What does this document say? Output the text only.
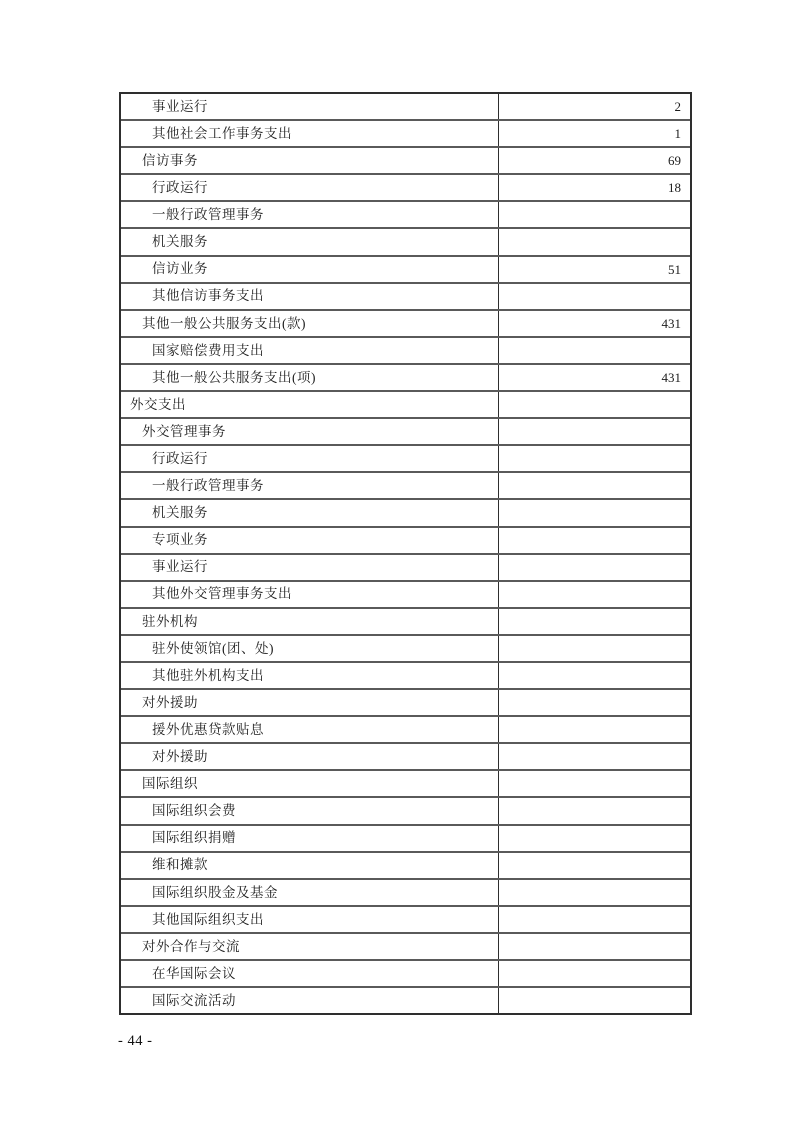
事业运行	2
其他社会工作事务支出	1
信访事务	69
行政运行	18
一般行政管理事务
机关服务
信访业务	51
其他信访事务支出
其他一般公共服务支出(款)	431
国家赔偿费用支出
其他一般公共服务支出(项)	431
外交支出
外交管理事务
行政运行
一般行政管理事务
机关服务
专项业务
事业运行
其他外交管理事务支出
驻外机构
驻外使领馆(团、处)
其他驻外机构支出
对外援助
援外优惠贷款贴息
对外援助
国际组织
国际组织会费
国际组织捐赠
维和摊款
国际组织股金及基金
其他国际组织支出
对外合作与交流
在华国际会议
国际交流活动
- 44 -
